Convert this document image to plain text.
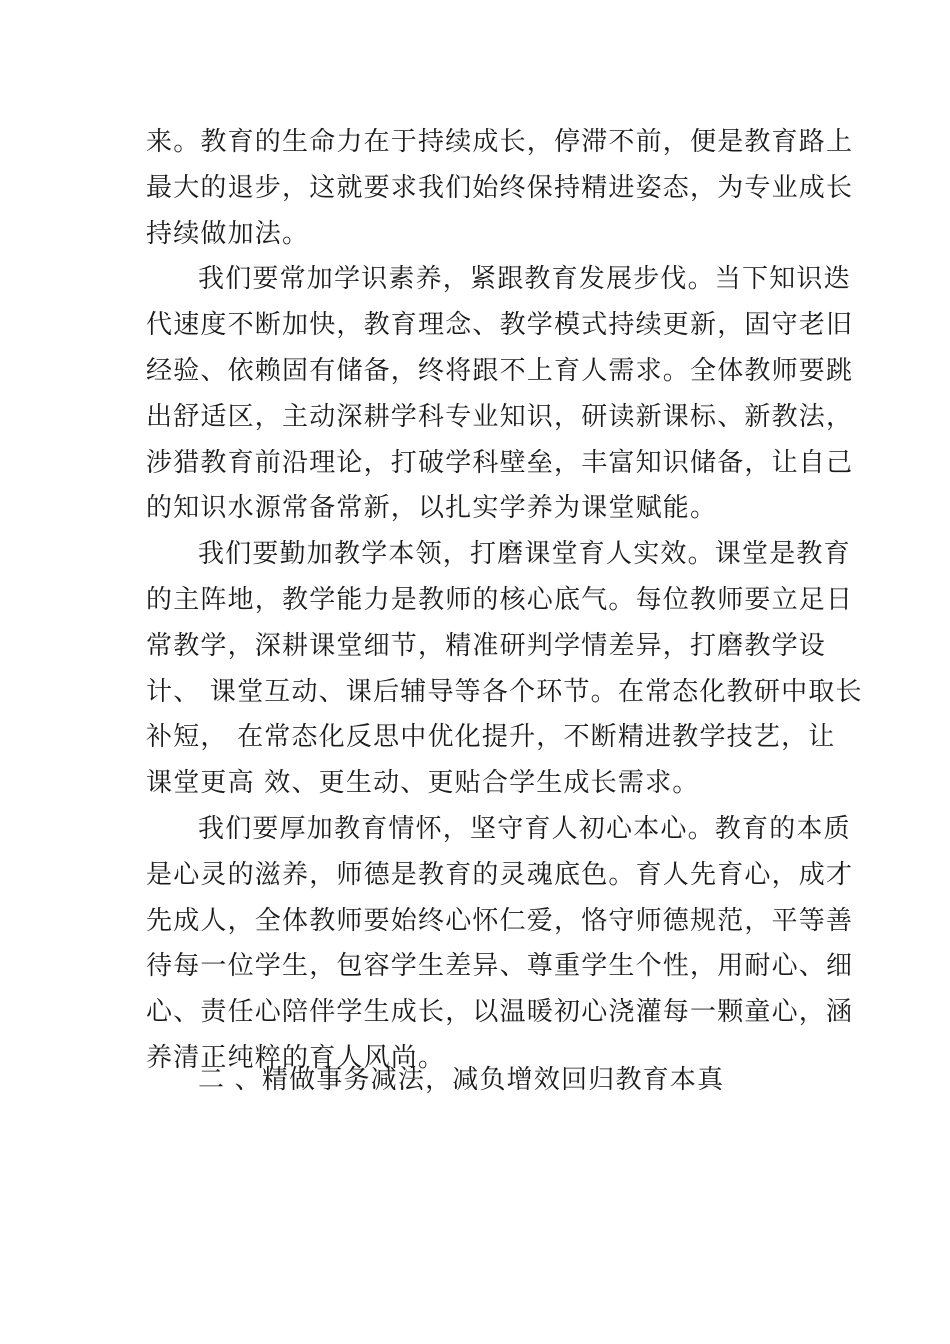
来。教育的生命力在于持续成长，停滞不前，便是教育路上
最大的退步，这就要求我们始终保持精进姿态，为专业成长
持续做加法。
我们要常加学识素养，紧跟教育发展步伐。当下知识迭
代速度不断加快，教育理念、教学模式持续更新，固守老旧
经验、依赖固有储备，终将跟不上育人需求。全体教师要跳
出舒适区，主动深耕学科专业知识，研读新课标、新教法，
涉猎教育前沿理论，打破学科壁垒，丰富知识储备，让自己
的知识水源常备常新，以扎实学养为课堂赋能。
我们要勤加教学本领，打磨课堂育人实效。课堂是教育
的主阵地，教学能力是教师的核心底气。每位教师要立足日
常教学，深耕课堂细节，精准研判学情差异，打磨教学设
计、 课堂互动、课后辅导等各个环节。在常态化教研中取长
补短， 在常态化反思中优化提升，不断精进教学技艺，让
课堂更高 效、更生动、更贴合学生成长需求。
我们要厚加教育情怀，坚守育人初心本心。教育的本质
是心灵的滋养，师德是教育的灵魂底色。育人先育心，成才
先成人，全体教师要始终心怀仁爱，恪守师德规范，平等善
待每一位学生，包容学生差异、尊重学生个性，用耐心、细
心、责任心陪伴学生成长，以温暖初心浇灌每一颗童心，涵
养清正纯粹的育人风尚。
二 、精做事务减法，减负增效回归教育本真
